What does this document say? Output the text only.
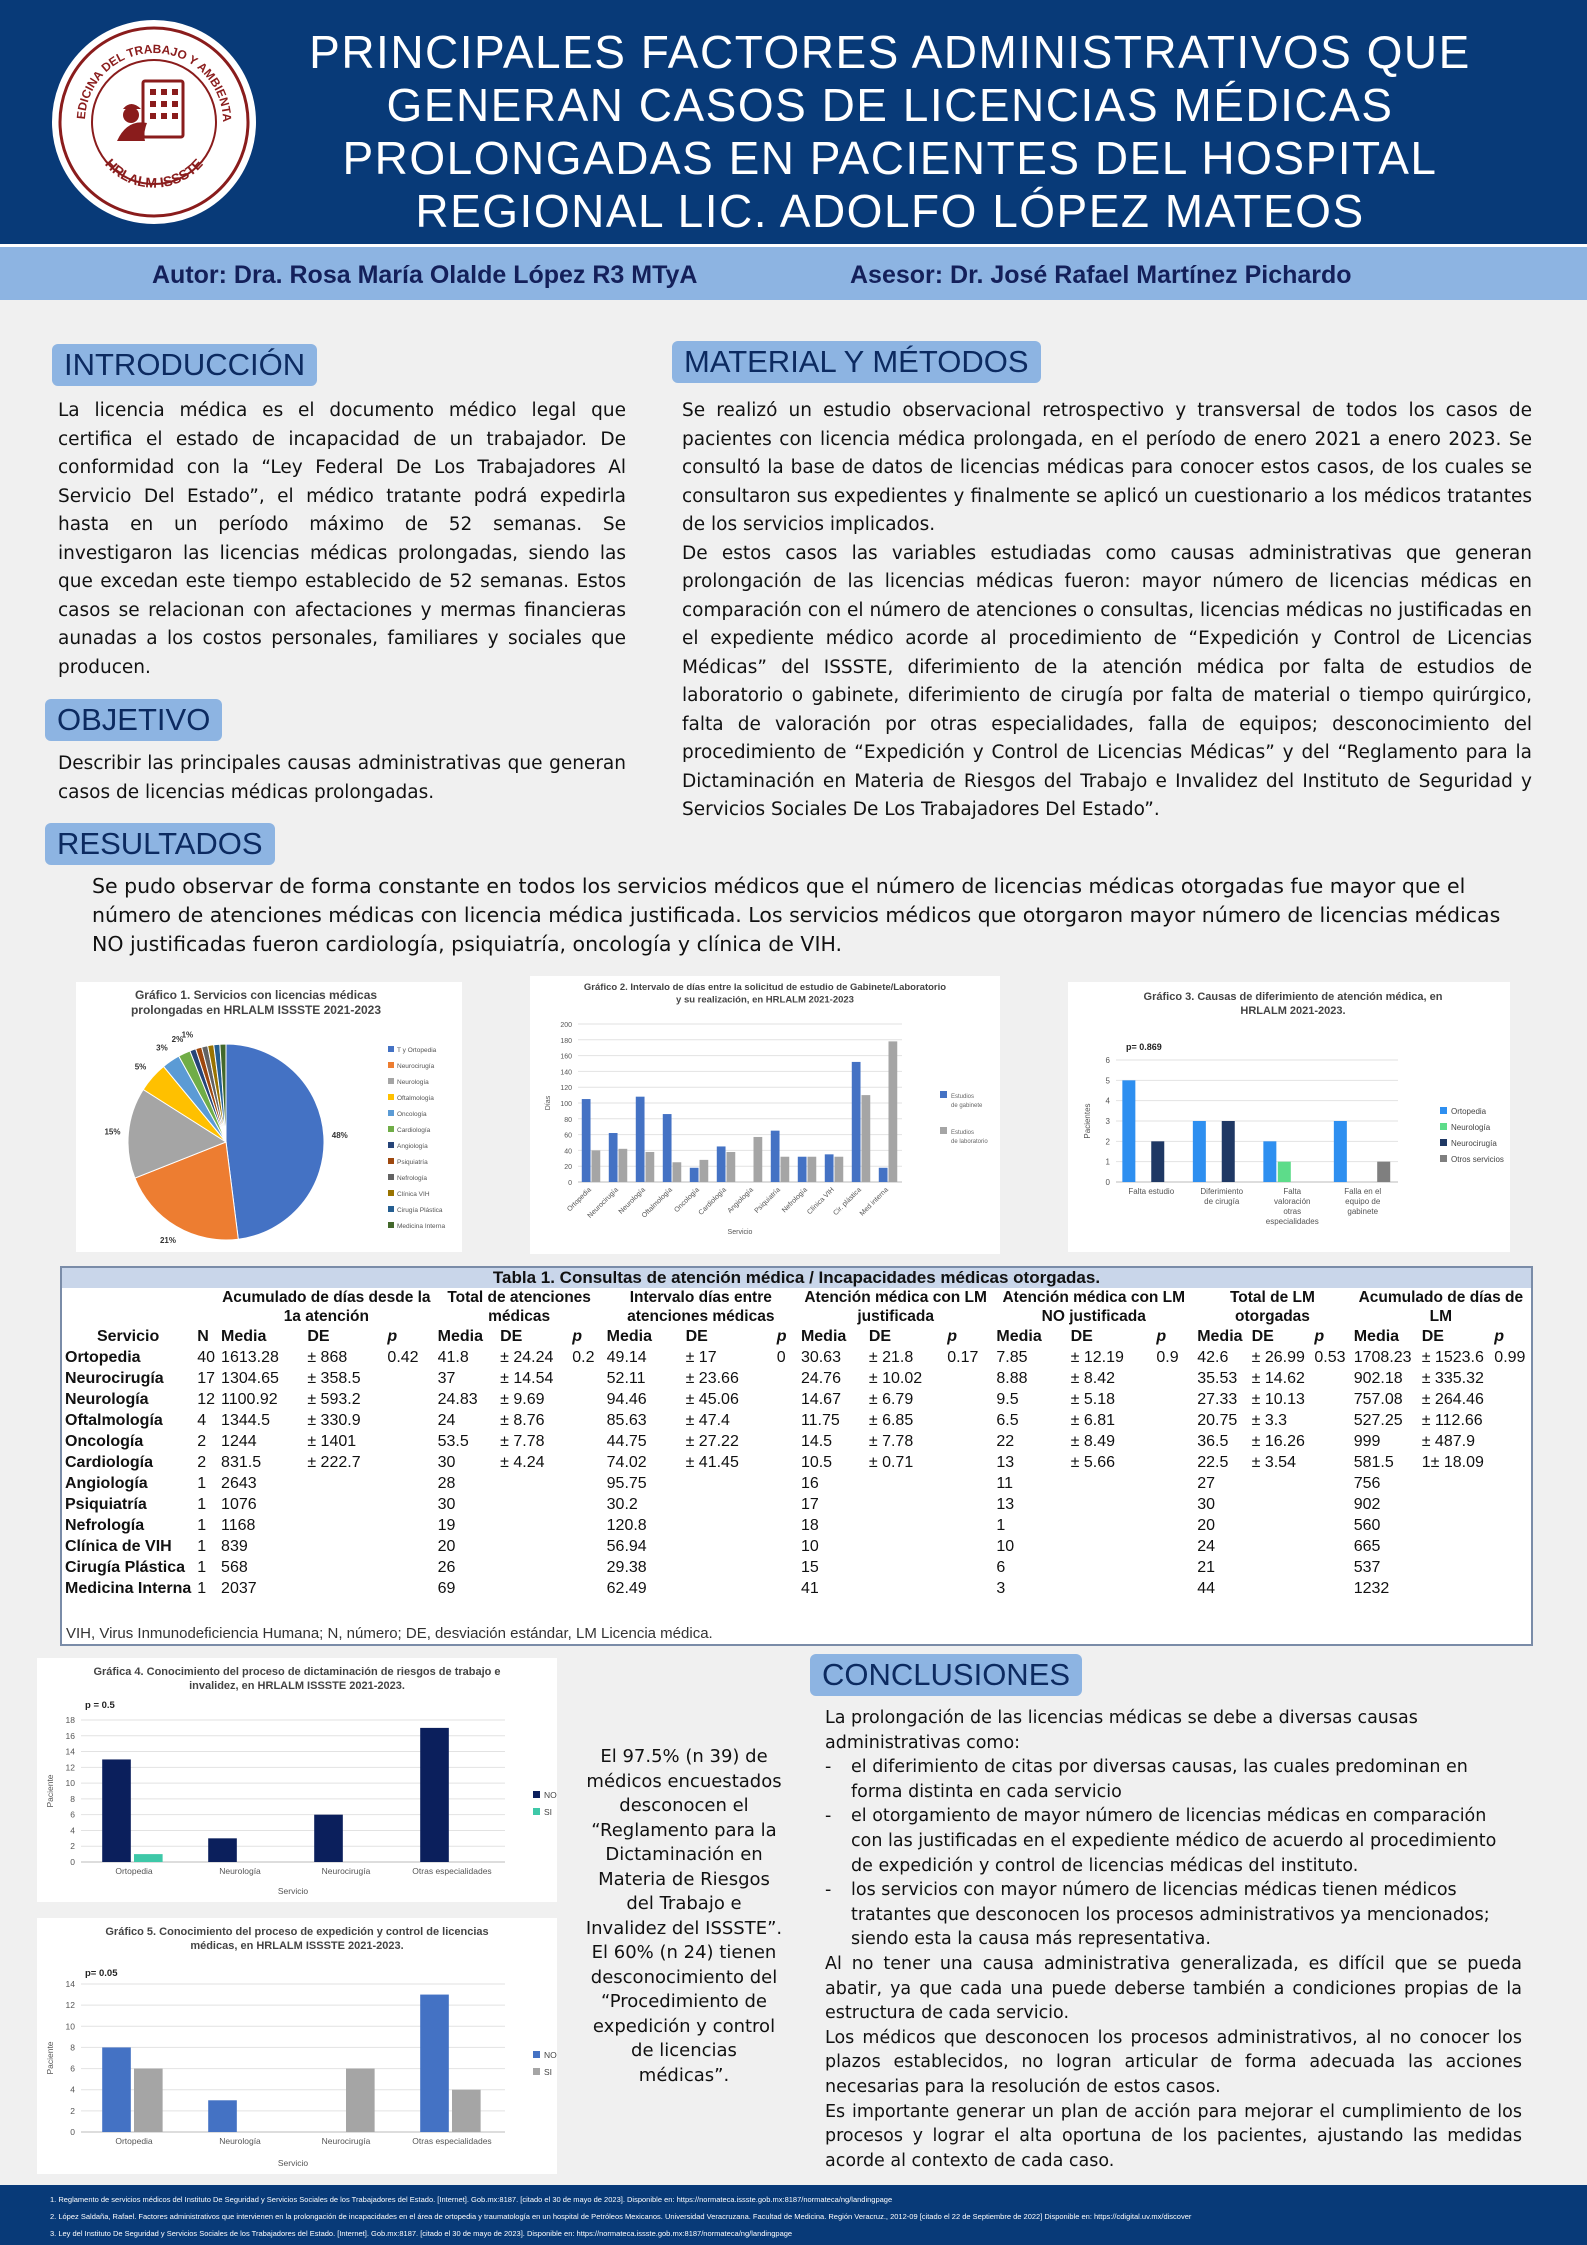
EDICINA DEL TRABAJO Y AMBIENTA
HRLALM ISSSTE
PRINCIPALES FACTORES ADMINISTRATIVOS QUE
GENERAN CASOS DE LICENCIAS MÉDICAS
PROLONGADAS EN PACIENTES DEL HOSPITAL
REGIONAL LIC. ADOLFO LÓPEZ MATEOS
Autor: Dra. Rosa María Olalde López R3 MTyA	Asesor: Dr. José Rafael Martínez Pichardo
INTRODUCCIÓN
La licencia médica es el documento médico legal que certifica el estado de incapacidad de un trabajador. De conformidad con la “Ley Federal De Los Trabajadores Al Servicio Del Estado”, el médico tratante podrá expedirla hasta en un período máximo de 52 semanas. Se investigaron las licencias médicas prolongadas, siendo las que excedan este tiempo establecido de 52 semanas. Estos casos se relacionan con afectaciones y mermas financieras aunadas a los costos personales, familiares y sociales que producen.
OBJETIVO
Describir las principales causas administrativas que generan casos de licencias médicas prolongadas.
MATERIAL Y MÉTODOS
Se realizó un estudio observacional retrospectivo y transversal de todos los casos de pacientes con licencia médica prolongada, en el período de enero 2021 a enero 2023. Se consultó la base de datos de licencias médicas para conocer estos casos, de los cuales se consultaron sus expedientes y finalmente se aplicó un cuestionario a los médicos tratantes de los servicios implicados.
De estos casos las variables estudiadas como causas administrativas que generan prolongación de las licencias médicas fueron: mayor número de licencias médicas en comparación con el número de atenciones o consultas, licencias médicas no justificadas en el expediente médico acorde al procedimiento de “Expedición y Control de Licencias Médicas” del ISSSTE, diferimiento de la atención médica por falta de estudios de laboratorio o gabinete, diferimiento de cirugía por falta de material o tiempo quirúrgico, falta de valoración por otras especialidades, falla de equipos; desconocimiento del procedimiento de “Expedición y Control de Licencias Médicas” y del “Reglamento para la Dictaminación en Materia de Riesgos del Trabajo e Invalidez del Instituto de Seguridad y Servicios Sociales De Los Trabajadores Del Estado”.
RESULTADOS
Se pudo observar de forma constante en todos los servicios médicos que el número de licencias médicas otorgadas fue mayor que el número de atenciones médicas con licencia médica justificada. Los servicios médicos que otorgaron mayor número de licencias médicas NO justificadas fueron cardiología, psiquiatría, oncología y clínica de VIH.
Gráfico 1. Servicios con licencias médicas
prolongadas en HRLALM ISSSTE 2021-2023
48%
21%
15%
5%
3%
2%
1%
T y Ortopedia
Neurocirugía
Neurología
Oftalmología
Oncología
Cardiología
Angiología
Psiquiatría
Nefrología
Clínica VIH
Cirugía Plástica
Medicina Interna
Gráfico 2. Intervalo de días entre la solicitud de estudio de Gabinete/Laboratorio
y su realización, en HRLALM 2021-2023
0
20
40
60
80
100
120
140
160
180
200
Ortopedia
Neurocirugía
Neurología
Oftalmología Oncología
Cardiología
Angiología
Psiquiatría Nefrología
Clínica VIH
Cir. plástica
Med interna
Días
Servicio
Estudios
de gabinete
Estudios
de laboratorio
Gráfico 3. Causas de diferimiento de atención médica, en
HRLALM 2021-2023.
0
1
2
3
4
5
6
Falta estudio	Diferimiento
de cirugía
Falta
valoración
otras
especialidades
Falla en el
equipo de
gabinete
Pacientes
p= 0.869
Ortopedia
Neurología
Neurocirugía
Otros servicios
Tabla 1. Consultas de atención médica / Incapacidades médicas otorgadas.																						
		Acumulado de días desde la 1a atención			Total de atenciones médicas			Intervalo días entre atenciones médicas			Atención médica con LM justificada			Atención médica con LM NO justificada			Total de LM otorgadas			Acumulado de días de LM		
Servicio	N	Media	DE	p	Media	DE	p	Media	DE	p	Media	DE	p	Media	DE	p	Media	DE	p	Media	DE	p
Ortopedia	40	1613.28	± 868	0.42	41.8	± 24.24	0.2	49.14	± 17	0	30.63	± 21.8	0.17	7.85	± 12.19	0.9	42.6	± 26.99	0.53	1708.23	± 1523.6	0.99
Neurocirugía	17	1304.65	± 358.5		37	± 14.54		52.11	± 23.66		24.76	± 10.02		8.88	± 8.42		35.53	± 14.62		902.18	± 335.32	
Neurología	12	1100.92	± 593.2		24.83	± 9.69		94.46	± 45.06		14.67	± 6.79		9.5	± 5.18		27.33	± 10.13		757.08	± 264.46	
Oftalmología	4	1344.5	± 330.9		24	± 8.76		85.63	± 47.4		11.75	± 6.85		6.5	± 6.81		20.75	± 3.3		527.25	± 112.66	
Oncología	2	1244	± 1401		53.5	± 7.78		44.75	± 27.22		14.5	± 7.78		22	± 8.49		36.5	± 16.26		999	± 487.9	
Cardiología	2	831.5	± 222.7		30	± 4.24		74.02	± 41.45		10.5	± 0.71		13	± 5.66		22.5	± 3.54		581.5	1± 18.09	
Angiología	1	2643			28			95.75			16			11			27			756		
Psiquiatría	1	1076			30			30.2			17			13			30			902		
Nefrología	1	1168			19			120.8			18			1			20			560		
Clínica de VIH	1	839			20			56.94			10			10			24			665		
Cirugía Plástica	1	568			26			29.38			15			6			21			537		
Medicina Interna	1	2037			69			62.49			41			3			44			1232		
VIH, Virus Inmunodeficiencia Humana; N, número; DE, desviación estándar, LM Licencia médica.
Gráfica 4. Conocimiento del proceso de dictaminación de riesgos de trabajo e
invalidez, en HRLALM ISSSTE 2021-2023.
0
2
4
6
8
10
12
14
16
18
Ortopedia	Neurología	Neurocirugía	Otras especialidades
Paciente
Servicio
p = 0.5
NO
SI
Gráfico 5. Conocimiento del proceso de expedición y control de licencias
médicas, en HRLALM ISSSTE 2021-2023.
0
2
4
6
8
10
12
14
Ortopedia	Neurología	Neurocirugía	Otras especialidades
Paciente
Servicio
p= 0.05
NO
SI
El 97.5% (n 39) de médicos encuestados desconocen el “Reglamento para la Dictaminación en Materia de Riesgos del Trabajo e Invalidez del ISSSTE”. El 60% (n 24) tienen desconocimiento del “Procedimiento de expedición y control de licencias médicas”.
CONCLUSIONES
La prolongación de las licencias médicas se debe a diversas causas administrativas como:
- el diferimiento de citas por diversas causas, las cuales predominan en forma distinta en cada servicio
- el otorgamiento de mayor número de licencias médicas en comparación con las justificadas en el expediente médico de acuerdo al procedimiento de expedición y control de licencias médicas del instituto.
- los servicios con mayor número de licencias médicas tienen médicos tratantes que desconocen los procesos administrativos ya mencionados; siendo esta la causa más representativa.
Al no tener una causa administrativa generalizada, es difícil que se pueda abatir, ya que cada una puede deberse también a condiciones propias de la estructura de cada servicio.
Los médicos que desconocen los procesos administrativos, al no conocer los plazos establecidos, no logran articular de forma adecuada las acciones necesarias para la resolución de estos casos.
Es importante generar un plan de acción para mejorar el cumplimiento de los procesos y lograr el alta oportuna de los pacientes, ajustando las medidas acorde al contexto de cada caso.
1. Reglamento de servicios médicos del Instituto De Seguridad y Servicios Sociales de los Trabajadores del Estado. [Internet]. Gob.mx:8187. [citado el 30 de mayo de 2023]. Disponible en: https://normateca.issste.gob.mx:8187/normateca/ng/landingpage
2. López Saldaña, Rafael. Factores administrativos que intervienen en la prolongación de incapacidades en el área de ortopedia y traumatología en un hospital de Petróleos Mexicanos. Universidad Veracruzana. Facultad de Medicina. Región Veracruz., 2012-09 [citado el 22 de Septiembre de 2022] Disponible en: https://cdigital.uv.mx/discover
3. Ley del Instituto De Seguridad y Servicios Sociales de los Trabajadores del Estado. [Internet]. Gob.mx:8187. [citado el 30 de mayo de 2023]. Disponible en: https://normateca.issste.gob.mx:8187/normateca/ng/landingpage
